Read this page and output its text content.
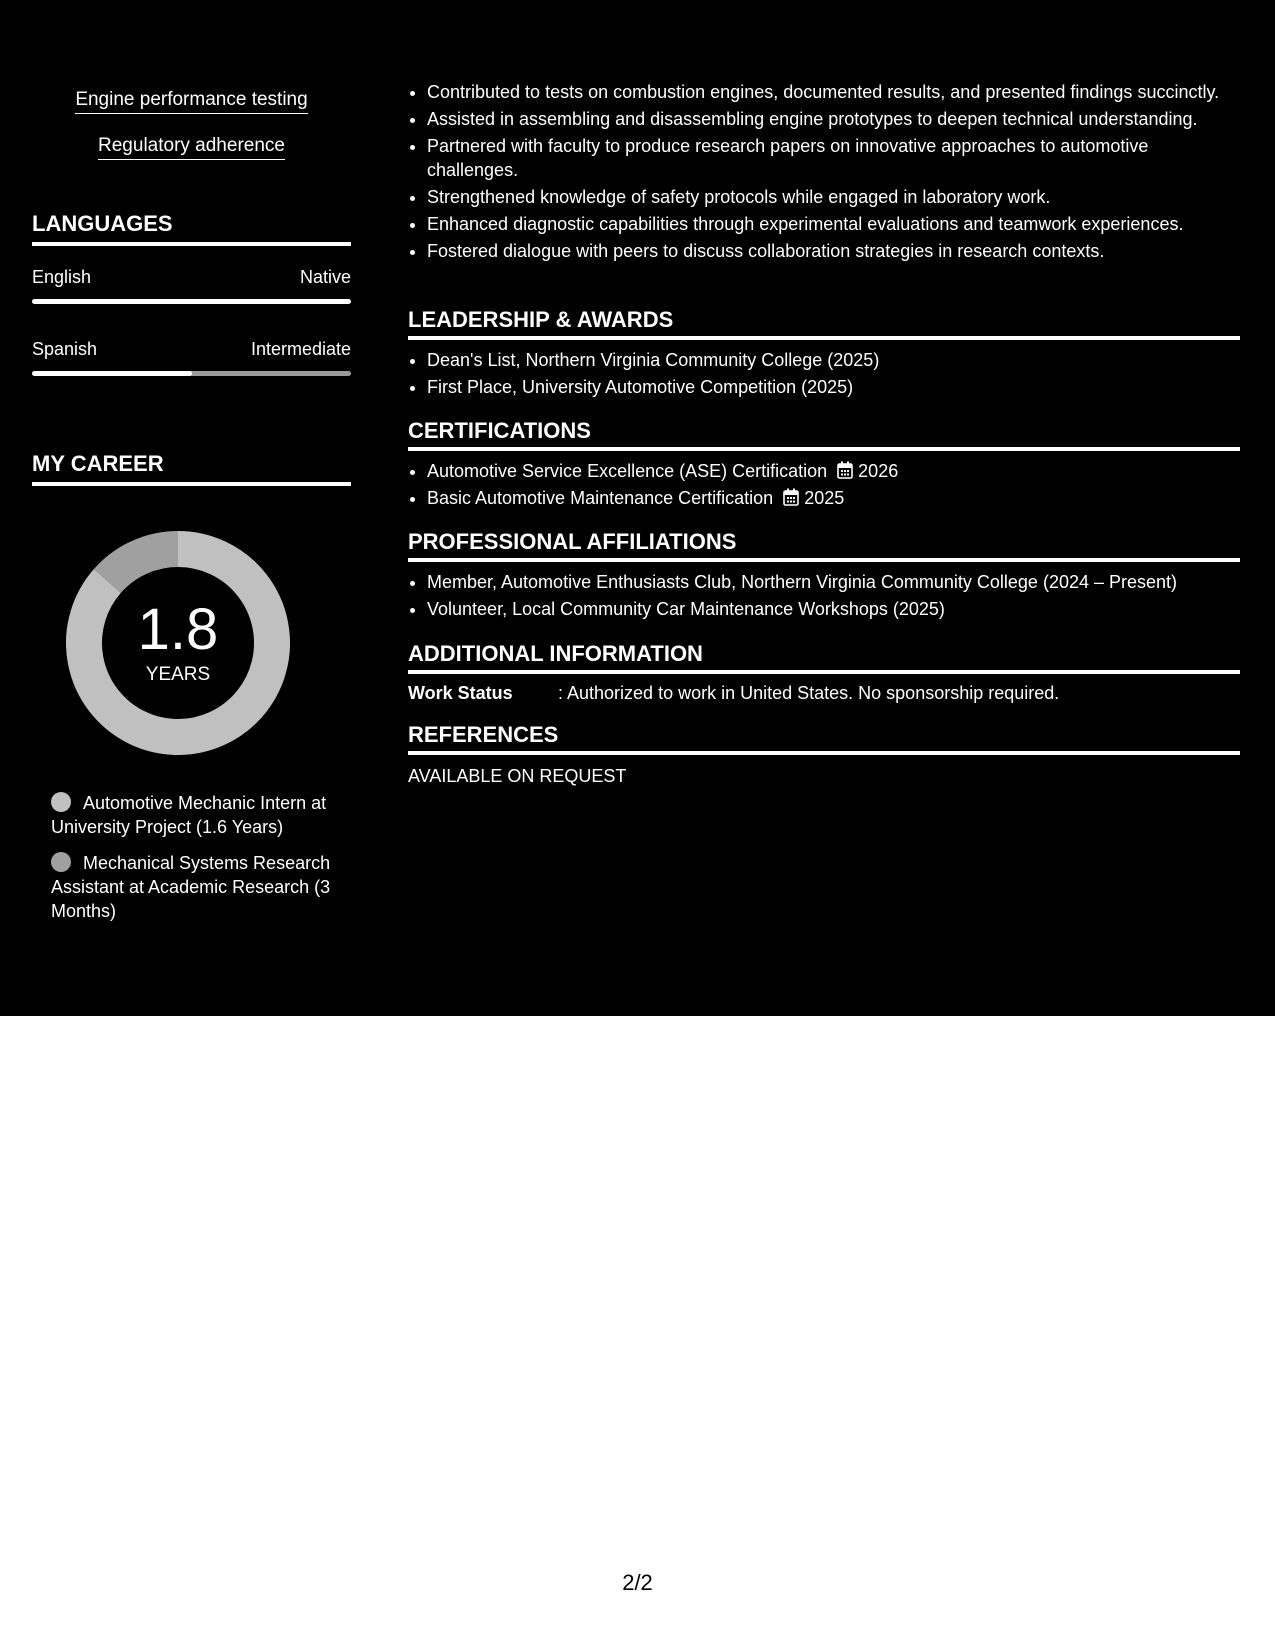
Engine performance testing
Regulatory adherence
LANGUAGES
English	Native
Spanish	Intermediate
MY CAREER
1.8
YEARS
Automotive Mechanic Intern at University Project (1.6 Years)
Mechanical Systems Research Assistant at Academic Research (3 Months)
• Contributed to tests on combustion engines, documented results, and presented findings succinctly.
• Assisted in assembling and disassembling engine prototypes to deepen technical understanding.
• Partnered with faculty to produce research papers on innovative approaches to automotive challenges.
• Strengthened knowledge of safety protocols while engaged in laboratory work.
• Enhanced diagnostic capabilities through experimental evaluations and teamwork experiences.
• Fostered dialogue with peers to discuss collaboration strategies in research contexts.
LEADERSHIP & AWARDS
• Dean's List, Northern Virginia Community College (2025)
• First Place, University Automotive Competition (2025)
CERTIFICATIONS
• Automotive Service Excellence (ASE) Certification 2026
• Basic Automotive Maintenance Certification 2025
PROFESSIONAL AFFILIATIONS
• Member, Automotive Enthusiasts Club, Northern Virginia Community College (2024 – Present)
• Volunteer, Local Community Car Maintenance Workshops (2025)
ADDITIONAL INFORMATION
Work Status	: Authorized to work in United States. No sponsorship required.
REFERENCES
AVAILABLE ON REQUEST
2/2
